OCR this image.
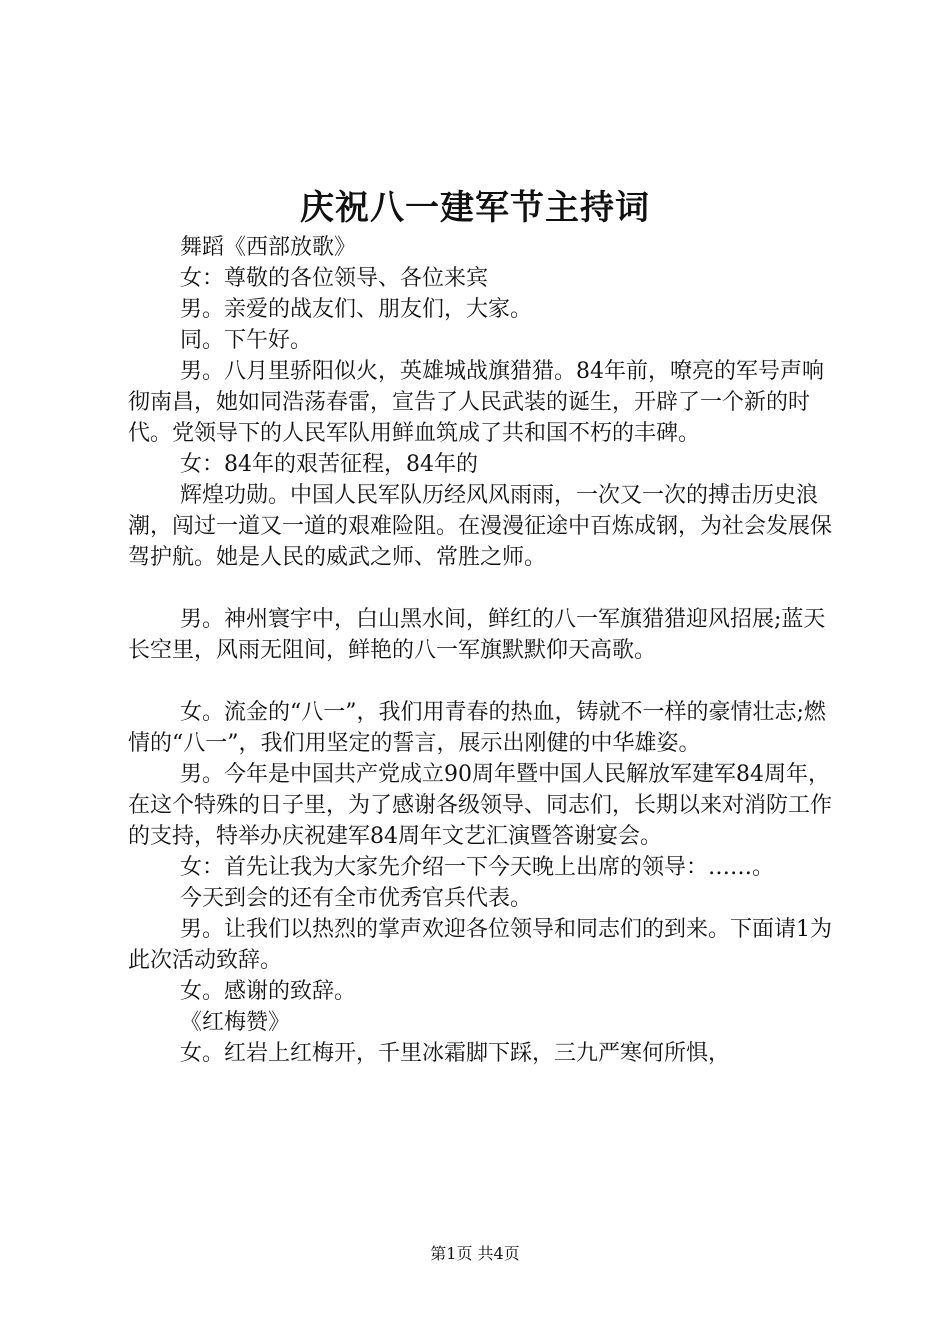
庆祝八一建军节主持词

舞蹈《西部放歌》

女：尊敬的各位领导、各位来宾

男。亲爱的战友们、朋友们，大家。

同。下午好。

男。八月里骄阳似火，英雄城战旗猎猎。84年前，嘹亮的军号声响彻南昌，她如同浩荡春雷，宣告了人民武装的诞生，开辟了一个新的时代。党领导下的人民军队用鲜血筑成了共和国不朽的丰碑。

女：84年的艰苦征程，84年的

辉煌功勋。中国人民军队历经风风雨雨，一次又一次的搏击历史浪潮，闯过一道又一道的艰难险阻。在漫漫征途中百炼成钢，为社会发展保驾护航。她是人民的威武之师、常胜之师。

男。神州寰宇中，白山黑水间，鲜红的八一军旗猎猎迎风招展;蓝天长空里，风雨无阻间，鲜艳的八一军旗默默仰天高歌。

女。流金的“八一”，我们用青春的热血，铸就不一样的豪情壮志;燃情的“八一”，我们用坚定的誓言，展示出刚健的中华雄姿。

男。今年是中国共产党成立90周年暨中国人民解放军建军84周年，在这个特殊的日子里，为了感谢各级领导、同志们，长期以来对消防工作的支持，特举办庆祝建军84周年文艺汇演暨答谢宴会。

女：首先让我为大家先介绍一下今天晚上出席的领导：……。

今天到会的还有全市优秀官兵代表。

男。让我们以热烈的掌声欢迎各位领导和同志们的到来。下面请1为此次活动致辞。

女。感谢的致辞。

《红梅赞》

女。红岩上红梅开，千里冰霜脚下踩，三九严寒何所惧，

第1页 共4页
